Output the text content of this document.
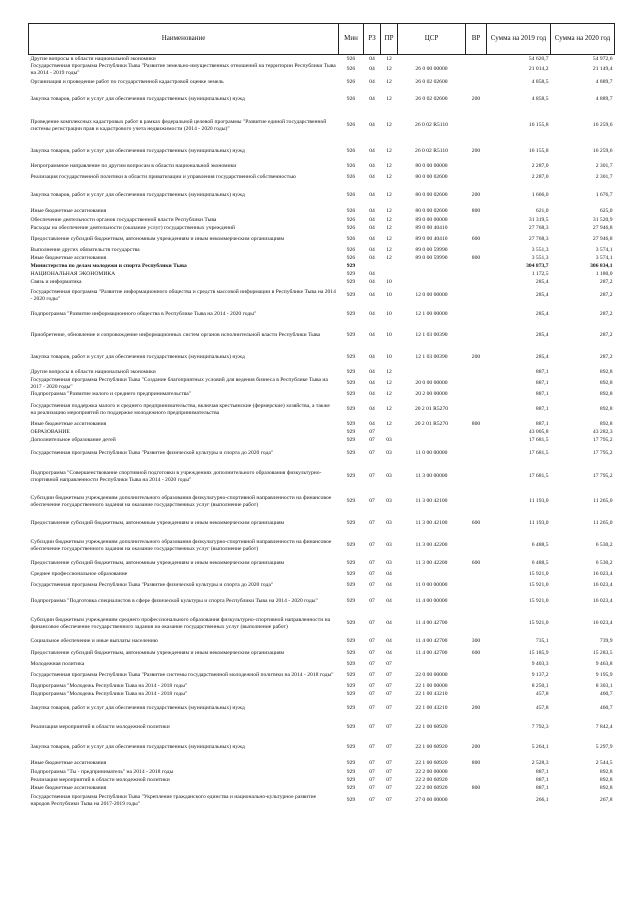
Наименование	Мин	РЗ	ПР	ЦСР	ВР	Сумма на 2019 год	Сумма на 2020 год
Другие вопросы в области национальной экономики	926	04	12			54 620,7	54 972,6
Государственная программа Республики Тыва "Развитие земельно-имущественных отношений на территории Республики Тыва на 2014 - 2019 годы"	926	04	12	26 0 00 00000		21 014,2	21 149,4
Организация и проведение работ по государственной кадастровой оценке земель	926	04	12	26 0 02 02600		4 858,5	4 889,7
Закупка товаров, работ и услуг для обеспечения государственных (муниципальных) нужд	926	04	12	26 0 02 02600	200	4 858,5	4 889,7
Проведение комплексных кадастровых работ в рамках федеральной целевой программы "Развитие единой государственной системы регистрации прав и кадастрового учета недвижимости (2014 - 2020 годы)"	926	04	12	26 0 02 R5110		16 155,8	16 259,6
Закупка товаров, работ и услуг для обеспечения государственных (муниципальных) нужд	926	04	12	26 0 02 R5110	200	16 155,8	16 259,6
Непрограммное направление по другим вопросам в области национальной экономики	926	04	12	80 0 00 00000		2 287,0	2 301,7
Реализация государственной политики в области приватизации и управления государственной собственностью	926	04	12	80 0 00 02600		2 287,0	2 301,7
Закупка товаров, работ и услуг для обеспечения государственных (муниципальных) нужд	926	04	12	80 0 00 02600	200	1 666,0	1 676,7
Иные бюджетные ассигнования	926	04	12	80 0 00 02600	800	621,0	625,0
Обеспечение деятельности органов государственной власти Республики Тыва	926	04	12	89 0 00 00000		31 319,5	31 520,9
Расходы на обеспечение деятельности (оказание услуг) государственных учреждений	926	04	12	89 0 00 40410		27 768,3	27 946,8
Предоставление субсидий бюджетным, автономным учреждениям и иным некоммерческим организациям	926	04	12	89 0 00 40410	600	27 768,3	27 946,8
Выполнение других обязательств государства	926	04	12	89 0 00 59990		3 551,3	3 574,1
Иные бюджетные ассигнования	926	04	12	89 0 00 59990	800	3 551,3	3 574,1
Министерство по делам молодежи и спорта Республики Тыва	929					304 873,7	306 834,1
НАЦИОНАЛЬНАЯ ЭКОНОМИКА	929	04				1 172,5	1 180,0
Связь и информатика	929	04	10			285,4	287,2
Государственная программа "Развитие информационного общества и средств массовой информации в Республике Тыва на 2014 - 2020 годы"	929	04	10	12 0 00 00000		285,4	287,2
Подпрограмма "Развитие информационного общества в Республике Тыва на 2014 - 2020 годы"	929	04	10	12 1 00 00000		285,4	287,2
Приобретение, обновление и сопровождение информационных систем органов исполнительной власти Республики Тыва	929	04	10	12 1 03 00390		285,4	287,2
Закупка товаров, работ и услуг для обеспечения государственных (муниципальных) нужд	929	04	10	12 1 03 00390	200	285,4	287,2
Другие вопросы в области национальной экономики	929	04	12			887,1	892,8
Государственная программа Республики Тыва "Создание благоприятных условий для ведения бизнеса в Республике Тыва на 2017 - 2020 годы"	929	04	12	20 0 00 00000		887,1	892,8
Подпрограмма "Развитие малого и среднего предпринимательства"	929	04	12	20 2 00 00000		887,1	892,8
Государственная поддержка малого и среднего предпринимательства, включая крестьянские (фермерские) хозяйства, а также на реализацию мероприятий по поддержке молодежного предпринимательства	929	04	12	20 2 01 R5270		887,1	892,8
Иные бюджетные ассигнования	929	04	12	20 2 01 R5270	800	887,1	892,8
ОБРАЗОВАНИЕ	929	07				43 005,8	43 282,3
Дополнительное образование детей	929	07	03			17 681,5	17 795,2
Государственная программа Республики Тыва "Развитие физической культуры и спорта до 2020 года"	929	07	03	11 0 00 00000		17 681,5	17 795,2
Подпрограмма "Совершенствование спортивной подготовки в учреждениях дополнительного образования физкультурно-спортивной направленности Республики Тыва на 2014 - 2020 годы"	929	07	03	11 3 00 00000		17 681,5	17 795,2
Субсидии бюджетным учреждениям дополнительного образования физкультурно-спортивной направленности на финансовое обеспечение государственного задания на оказание государственных услуг (выполнение работ)	929	07	03	11 3 00 42100		11 193,0	11 265,0
Предоставление субсидий бюджетным, автономным учреждениям и иным некоммерческим организациям	929	07	03	11 3 00 42100	600	11 193,0	11 265,0
Субсидии бюджетным учреждениям дополнительного образования физкультурно-спортивной направленности на финансовое обеспечение государственного задания на оказание государственных услуг (выполнение работ)	929	07	03	11 3 00 42200		6 488,5	6 530,2
Предоставление субсидий бюджетным, автономным учреждениям и иным некоммерческим организациям	929	07	03	11 3 00 42200	600	6 488,5	6 530,2
Среднее профессиональное образование	929	07	04			15 921,0	16 023,4
Государственная программа Республики Тыва "Развитие физической культуры и спорта до 2020 года"	929	07	04	11 0 00 00000		15 921,0	16 023,4
Подпрограмма "Подготовка специалистов в сфере физической культуры и спорта Республики Тыва на 2014 - 2020 годы"	929	07	04	11 4 00 00000		15 921,0	16 023,4
Субсидии бюджетным учреждениям среднего профессионального образования физкультурно-спортивной направленности на финансовое обеспечение государственного задания на оказание государственных услуг (выполнение работ)	929	07	04	11 4 00 42700		15 921,0	16 023,4
Социальное обеспечение и иные выплаты населению	929	07	04	11 4 00 42700	300	735,1	739,9
Предоставление субсидий бюджетным, автономным учреждениям и иным некоммерческим организациям	929	07	04	11 4 00 42700	600	15 185,9	15 283,5
Молодежная политика	929	07	07			9 403,3	9 463,8
Государственная программа Республики Тыва "Развитие системы государственной молодежной политики на 2014 - 2018 годы"	929	07	07	22 0 00 00000		9 137,2	9 195,9
Подпрограмма "Молодежь Республики Тыва на 2014 - 2018 годы"	929	07	07	22 1 00 00000		8 250,1	8 303,1
Подпрограмма "Молодежь Республики Тыва на 2014 - 2018 годы"	929	07	07	22 1 00 43210		457,8	460,7
Закупка товаров, работ и услуг для обеспечения государственных (муниципальных) нужд	929	07	07	22 1 00 43210	200	457,8	460,7
Реализация мероприятий в области молодежной политики	929	07	07	22 1 00 60920		7 792,3	7 842,4
Закупка товаров, работ и услуг для обеспечения государственных (муниципальных) нужд	929	07	07	22 1 00 60920	200	5 264,1	5 297,9
Иные бюджетные ассигнования	929	07	07	22 1 00 60920	800	2 528,3	2 544,5
Подпрограмма "Ты - предприниматель" на 2014 - 2018 годы	929	07	07	22 2 00 00000		887,1	892,8
Реализация мероприятий в области молодежной политики	929	07	07	22 2 00 60920		887,1	892,8
Иные бюджетные ассигнования	929	07	07	22 2 00 60920	800	887,1	892,8
Государственная программа Республики Тыва "Укрепление гражданского единства и национально-культурное развитие народов Республики Тыва на 2017-2019 годы"	929	07	07	27 0 00 00000		266,1	267,8
